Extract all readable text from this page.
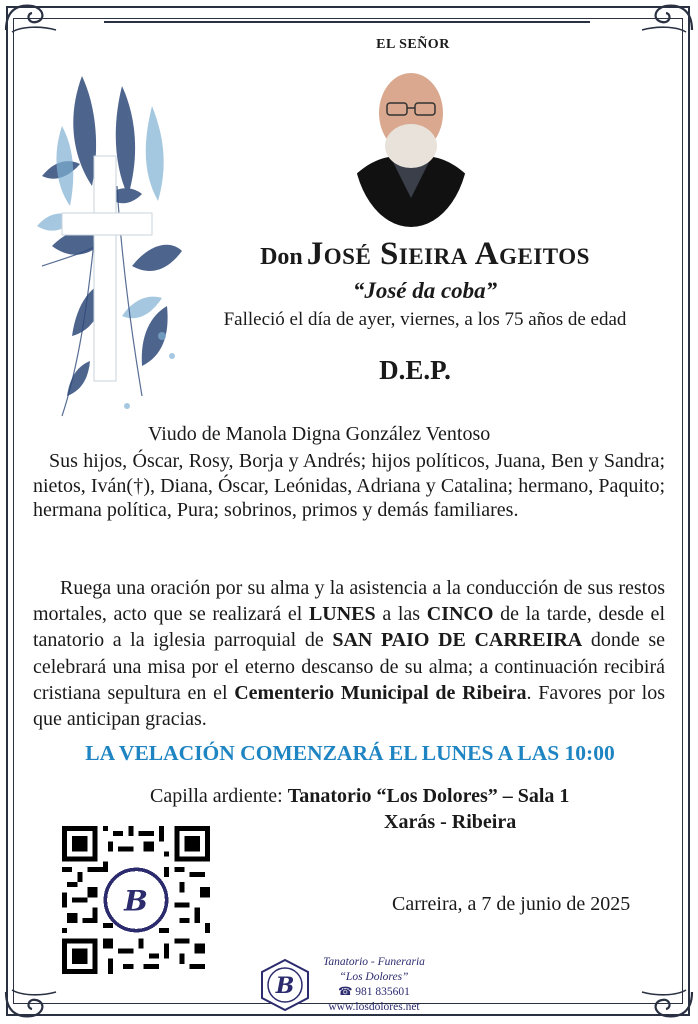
EL SEÑOR
Don José Sieira Ageitos
“José da coba”
Falleció el día de ayer, viernes, a los 75 años de edad
D.E.P.
Viudo de Manola Digna González Ventoso
Sus hijos, Óscar, Rosy, Borja y Andrés; hijos políticos, Juana, Ben y Sandra; nietos, Iván(†), Diana, Óscar, Leónidas, Adriana y Catalina; hermano, Paquito; hermana política, Pura; sobrinos, primos y demás familiares.
Ruega una oración por su alma y la asistencia a la conducción de sus restos mortales, acto que se realizará el LUNES a las CINCO de la tarde, desde el tanatorio a la iglesia parroquial de SAN PAIO DE CARREIRA donde se celebrará una misa por el eterno descanso de su alma; a continuación recibirá cristiana sepultura en el Cementerio Municipal de Ribeira. Favores por los que anticipan gracias.
LA VELACIÓN COMENZARÁ EL LUNES A LAS 10:00
Capilla ardiente: Tanatorio “Los Dolores” – Sala 1
Xarás - Ribeira
B	Carreira, a 7 de junio de 2025
B
Tanatorio - Funeraria
“Los Dolores”
☎ 981 835601
www.losdolores.net
